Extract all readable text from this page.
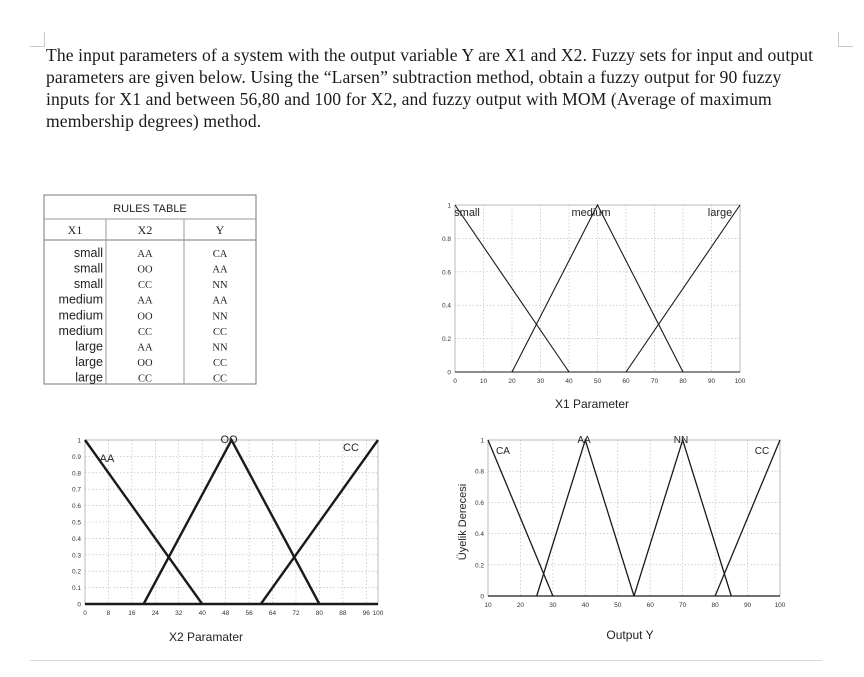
The input parameters of a system with the output variable Y are X1 and X2. Fuzzy sets for input and output parameters are given below. Using the “Larsen” subtraction method, obtain a fuzzy output for 90 fuzzy inputs for X1 and between 56,80 and 100 for X2, and fuzzy output with MOM (Average of maximum membership degrees) method.

RULES TABLE
X1	X2	Y
small	AA	CA
small	OO	AA
small	CC	NN
medium	AA	AA
medium	OO	NN
medium	CC	CC
large	AA	NN
large	OO	CC
large	CC	CC	0	10	20	30	40	50	60	70	80	90	100
0
0.2
0.4
0.6
0.8
1
small	medium	large
X1 Parameter
0	8	16 24 32 40 48 56 64 72 80 88 96 100
0
0.1
0.2
0.3
0.4
0.5
0.6
0.7
0.8
0.9
1
AA
OO
CC
X2 Paramater
10	20	30	40	50	60	70	80	90	100
0
0.2
0.4
0.6
0.8
1
CA
AA	NN
CC
Output Y
Üyelik Derecesi
